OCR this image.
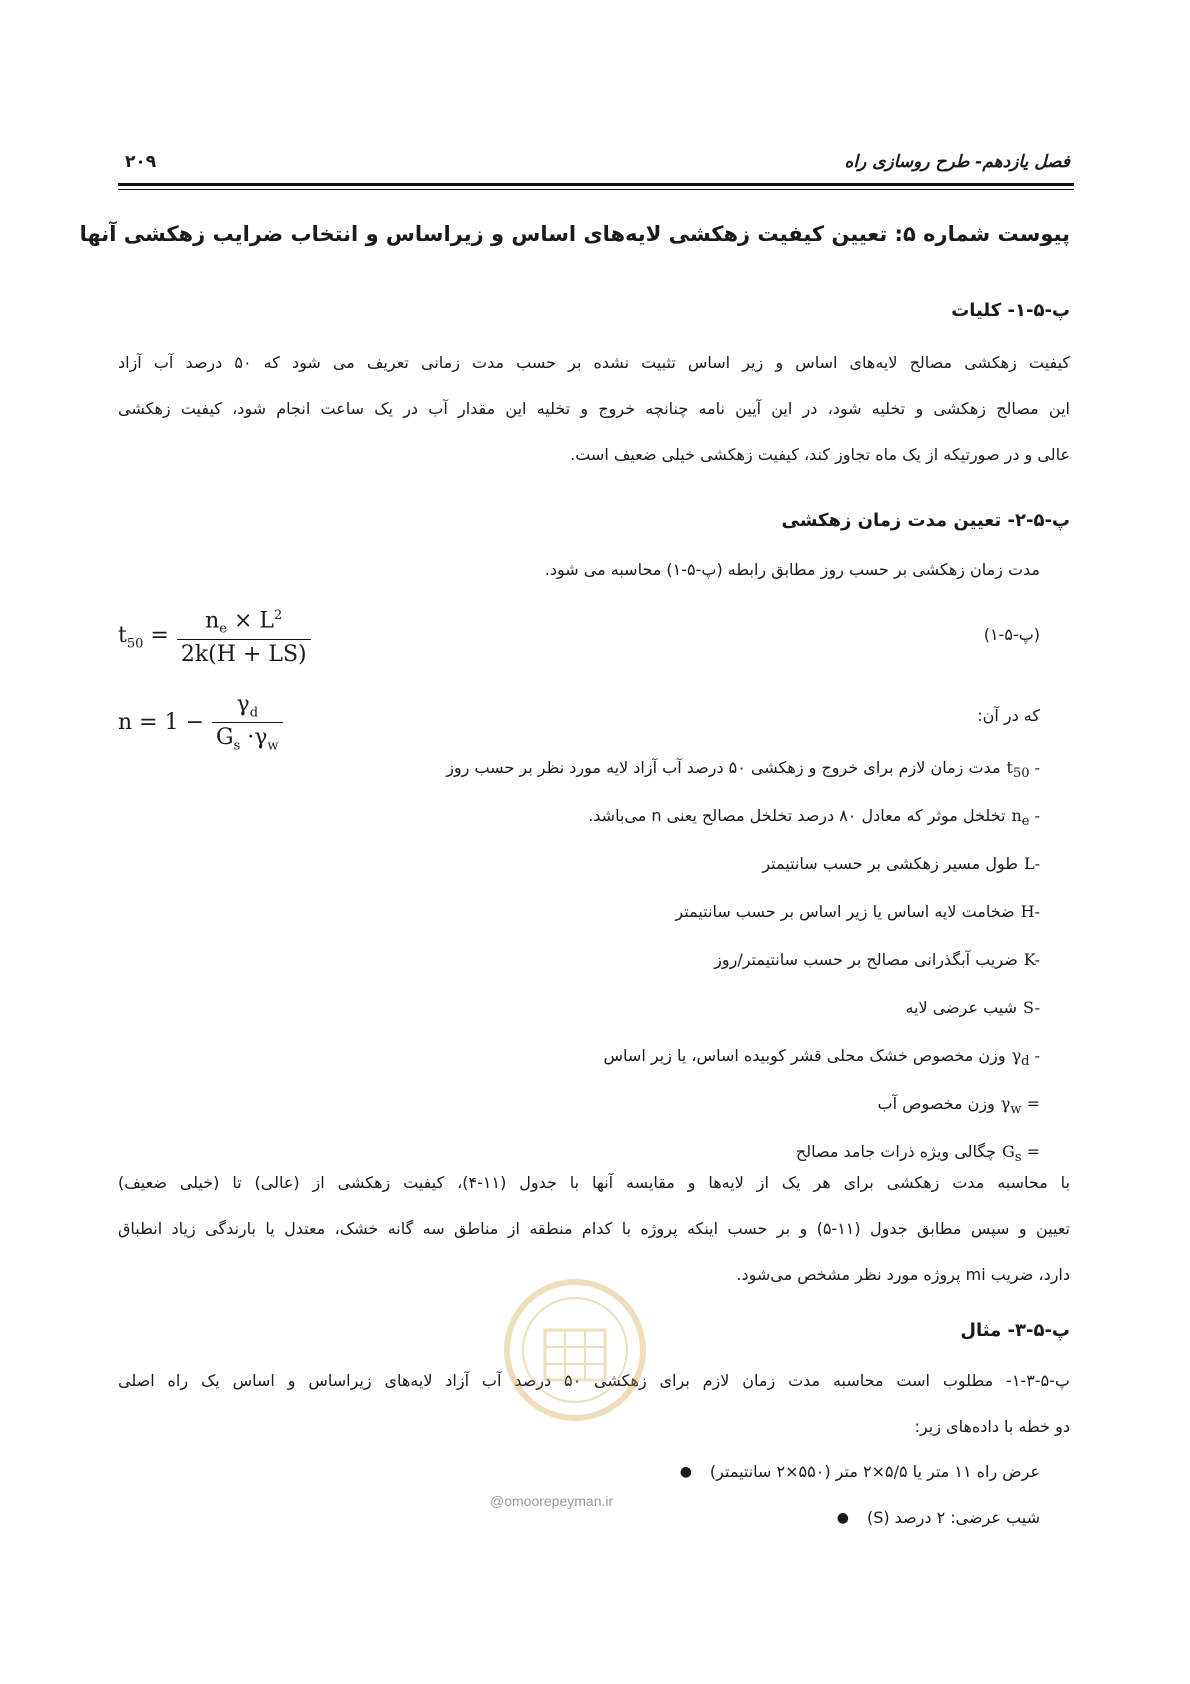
فصل یازدهم- طرح روسازی راه
۲۰۹
پیوست شماره ۵: تعیین کیفیت زهکشی لایه‌های اساس و زیراساس و انتخاب ضرایب زهکشی آنها
پ-۵-۱- کلیات
کیفیت زهکشی مصالح لایه‌های اساس و زیر اساس تثبیت نشده بر حسب مدت زمانی تعریف می شود که ۵۰ درصد آب آزاد
این مصالح زهکشی و تخلیه شود، در این آیین نامه چنانچه خروج و تخلیه این مقدار آب در یک ساعت انجام شود، کیفیت زهکشی
عالی و در صورتیکه از یک ماه تجاوز کند، کیفیت زهکشی خیلی ضعیف است.
پ-۵-۲- تعیین مدت زمان زهکشی
مدت زمان زهکشی بر حسب روز مطابق رابطه (پ-۵-۱) محاسبه می شود.
$t_{50} = \frac{n_e \times L^2}{2k(H + LS)}$	(پ-۵-۱)
$n = 1 - \frac{\gamma_d}{G_s \cdot\gamma_w}$	که در آن:
$t_{50}$ -مدت زمان لازم برای خروج و زهکشی ۵۰ درصد آب آزاد لایه مورد نظر بر حسب روز
$n_e$ -تخلخل موثر که معادل ۸۰ درصد تخلخل مصالح یعنی n می‌باشد.
L-طول مسیر زهکشی بر حسب سانتیمتر
H-ضخامت لایه اساس یا زیر اساس بر حسب سانتیمتر
K-ضریب آبگذرانی مصالح بر حسب سانتیمتر/روز
S-شیب عرضی لایه
$\gamma_d$ -وزن مخصوص خشک محلی قشر کوبیده اساس، یا زیر اساس
$\gamma_w$ =وزن مخصوص آب
$G_s$ =چگالی ویژه ذرات جامد مصالح
با محاسبه مدت زهکشی برای هر یک از لایه‌ها و مقایسه آنها با جدول (۱۱-۴)، کیفیت زهکشی از (عالی) تا (خیلی ضعیف)
تعیین و سپس مطابق جدول (۱۱-۵) و بر حسب اینکه پروژه با کدام منطقه از مناطق سه گانه خشک، معتدل یا بارندگی زیاد انطباق
دارد، ضریب mi پروژه مورد نظر مشخص می‌شود.
پ-۵-۳- مثال
پ-۵-۳-۱- مطلوب است محاسبه مدت زمان لازم برای زهکشی ۵۰ درصد آب آزاد لایه‌های زیراساس و اساس یک راه اصلی
دو خطه با داده‌های زیر:
● عرض راه ۱۱ متر یا ۵/۵×۲ متر (۵۵۰×۲ سانتیمتر)
● شیب عرضی: ۲ درصد (S)
@omoorepeyman.ir
